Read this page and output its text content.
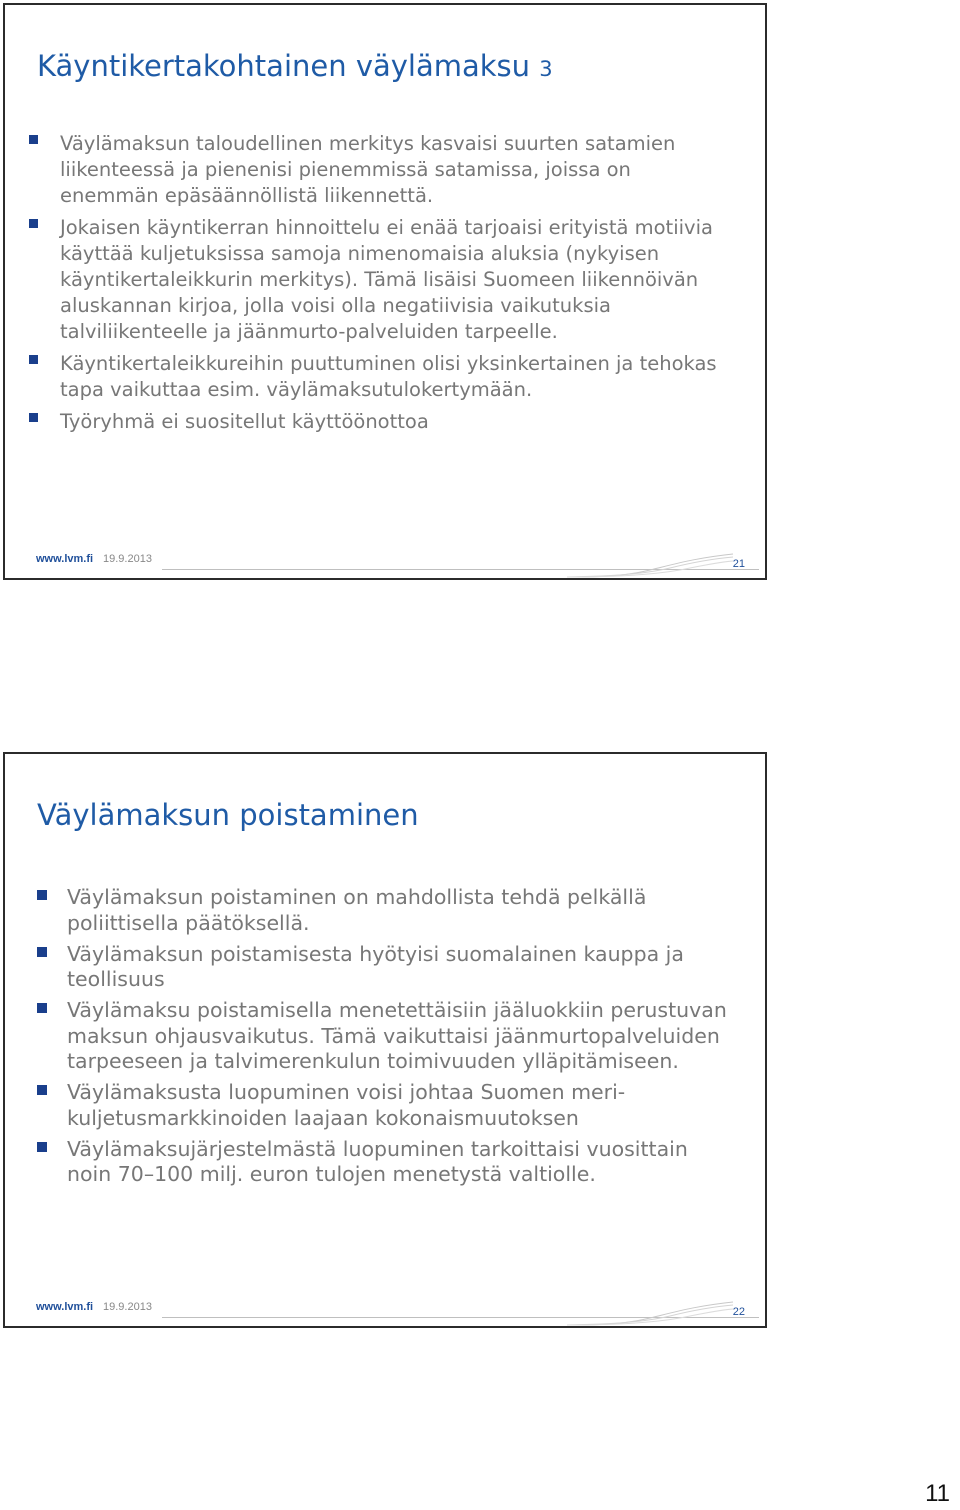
Käyntikertakohtainen väylämaksu 3
Väylämaksun taloudellinen merkitys kasvaisi suurten satamien liikenteessä ja pienenisi pienemmissä satamissa, joissa on enemmän epäsäännöllistä liikennettä.
Jokaisen käyntikerran hinnoittelu ei enää tarjoaisi erityistä motiivia käyttää kuljetuksissa samoja nimenomaisia aluksia (nykyisen käyntikertaleikkurin merkitys). Tämä lisäisi Suomeen liikennöivän aluskannan kirjoa, jolla voisi olla negatiivisia vaikutuksia talviliikenteelle ja jäänmurto-palveluiden tarpeelle.
Käyntikertaleikkureihin puuttuminen olisi yksinkertainen ja tehokas tapa vaikuttaa esim. väylämaksutulokertymään.
Työryhmä ei suositellut käyttöönottoa
www.lvm.fi 19.9.2013	21
Väylämaksun poistaminen
Väylämaksun poistaminen on mahdollista tehdä pelkällä poliittisella päätöksellä.
Väylämaksun poistamisesta hyötyisi suomalainen kauppa ja teollisuus
Väylämaksu poistamisella menetettäisiin jääluokkiin perustuvan maksun ohjausvaikutus. Tämä vaikuttaisi jäänmurtopalveluiden tarpeeseen ja talvimerenkulun toimivuuden ylläpitämiseen.
Väylämaksusta luopuminen voisi johtaa Suomen meri-kuljetusmarkkinoiden laajaan kokonaismuutoksen
Väylämaksujärjestelmästä luopuminen tarkoittaisi vuosittain noin 70–100 milj. euron tulojen menetystä valtiolle.
www.lvm.fi 19.9.2013	22
11
